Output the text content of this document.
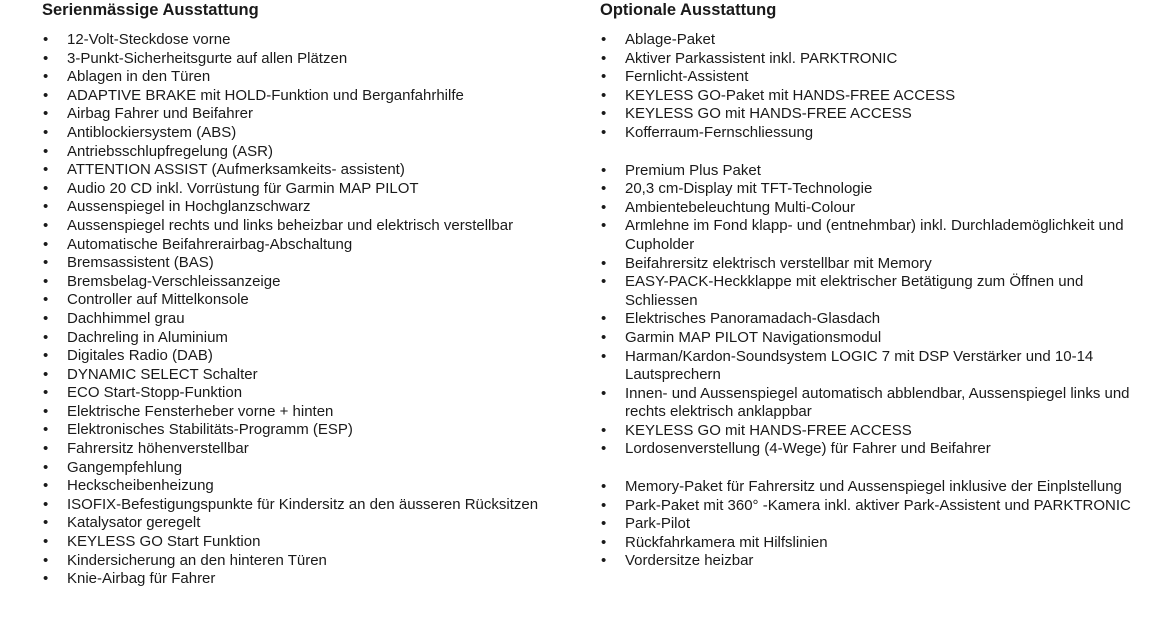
Serienmässige Ausstattung
• 12-Volt-Steckdose vorne
• 3-Punkt-Sicherheitsgurte auf allen Plätzen
• Ablagen in den Türen
• ADAPTIVE BRAKE mit HOLD-Funktion und Berganfahrhilfe
• Airbag Fahrer und Beifahrer
• Antiblockiersystem (ABS)
• Antriebsschlupfregelung (ASR)
• ATTENTION ASSIST (Aufmerksamkeits- assistent)
• Audio 20 CD inkl. Vorrüstung für Garmin MAP PILOT
• Aussenspiegel in Hochglanzschwarz
• Aussenspiegel rechts und links beheizbar und elektrisch verstellbar
• Automatische Beifahrerairbag-Abschaltung
• Bremsassistent (BAS)
• Bremsbelag-Verschleissanzeige
• Controller auf Mittelkonsole
• Dachhimmel grau
• Dachreling in Aluminium
• Digitales Radio (DAB)
• DYNAMIC SELECT Schalter
• ECO Start-Stopp-Funktion
• Elektrische Fensterheber vorne + hinten
• Elektronisches Stabilitäts-Programm (ESP)
• Fahrersitz höhenverstellbar
• Gangempfehlung
• Heckscheibenheizung
• ISOFIX-Befestigungspunkte für Kindersitz an den äusseren Rücksitzen
• Katalysator geregelt
• KEYLESS GO Start Funktion
• Kindersicherung an den hinteren Türen
• Knie-Airbag für Fahrer
Optionale Ausstattung
• Ablage-Paket
• Aktiver Parkassistent inkl. PARKTRONIC
• Fernlicht-Assistent
• KEYLESS GO-Paket mit HANDS-FREE ACCESS
• KEYLESS GO mit HANDS-FREE ACCESS
• Kofferraum-Fernschliessung
• Premium Plus Paket
• 20,3 cm-Display mit TFT-Technologie
• Ambientebeleuchtung Multi-Colour
• Armlehne im Fond klapp- und (entnehmbar) inkl. Durchlademöglichkeit und Cupholder
• Beifahrersitz elektrisch verstellbar mit Memory
• EASY-PACK-Heckklappe mit elektrischer Betätigung zum Öffnen und Schliessen
• Elektrisches Panoramadach-Glasdach
• Garmin MAP PILOT Navigationsmodul
• Harman/Kardon-Soundsystem LOGIC 7 mit DSP Verstärker und 10-14 Lautsprechern
• Innen- und Aussenspiegel automatisch abblendbar, Aussenspiegel links und rechts elektrisch anklappbar
• KEYLESS GO mit HANDS-FREE ACCESS
• Lordosenverstellung (4-Wege) für Fahrer und Beifahrer
• Memory-Paket für Fahrersitz und Aussenspiegel inklusive der Einplstellung
• Park-Paket mit 360° -Kamera inkl. aktiver Park-Assistent und PARKTRONIC
• Park-Pilot
• Rückfahrkamera mit Hilfslinien
• Vordersitze heizbar
